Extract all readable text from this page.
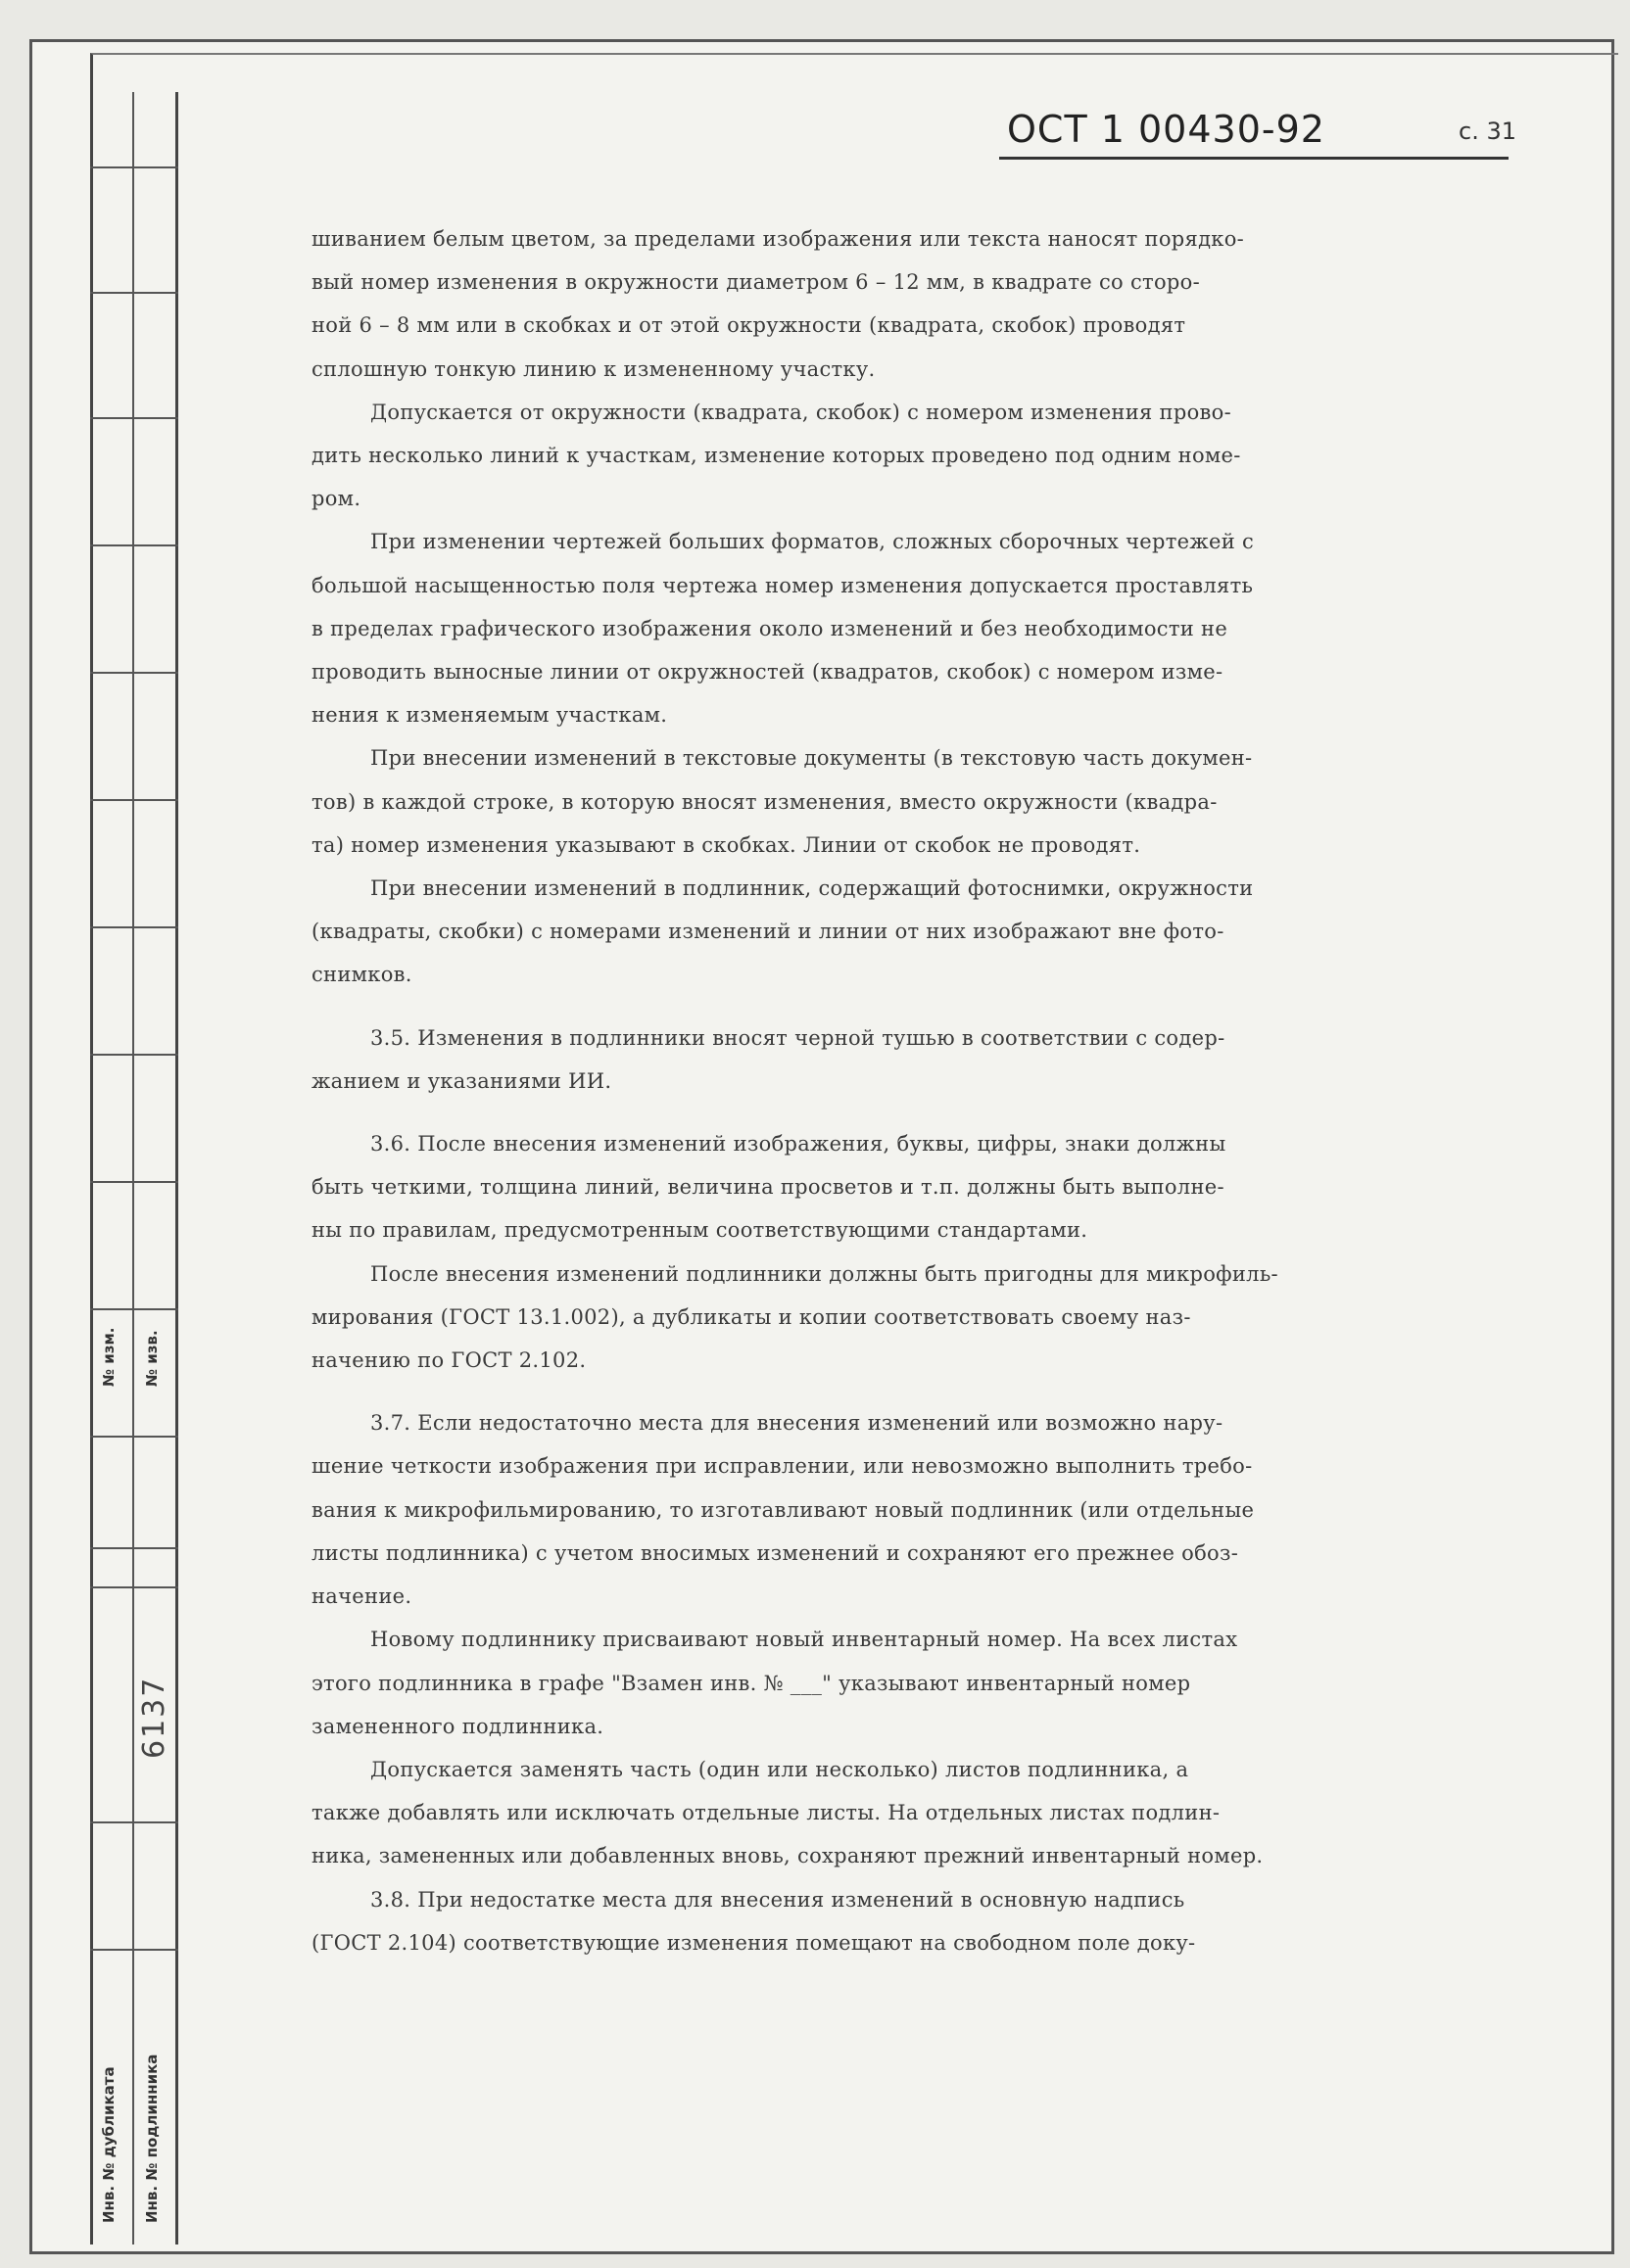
№ изм. № изв.
Инв. № дубликата Инв. № подлинника
6137
ОСТ 1 00430-92	с. 31
шиванием белым цветом, за пределами изображения или текста наносят порядко-
вый номер изменения в окружности диаметром 6 – 12 мм, в квадрате со сторо-
ной 6 – 8 мм или в скобках и от этой окружности (квадрата, скобок) проводят
сплошную тонкую линию к измененному участку.
Допускается от окружности (квадрата, скобок) с номером изменения прово-
дить несколько линий к участкам, изменение которых проведено под одним номе-
ром.
При изменении чертежей больших форматов, сложных сборочных чертежей с
большой насыщенностью поля чертежа номер изменения допускается проставлять
в пределах графического изображения около изменений и без необходимости не
проводить выносные линии от окружностей (квадратов, скобок) с номером изме-
нения к изменяемым участкам.
При внесении изменений в текстовые документы (в текстовую часть докумен-
тов) в каждой строке, в которую вносят изменения, вместо окружности (квадра-
та) номер изменения указывают в скобках. Линии от скобок не проводят.
При внесении изменений в подлинник, содержащий фотоснимки, окружности
(квадраты, скобки) с номерами изменений и линии от них изображают вне фото-
снимков.
3.5. Изменения в подлинники вносят черной тушью в соответствии с содер-
жанием и указаниями ИИ.
3.6. После внесения изменений изображения, буквы, цифры, знаки должны
быть четкими, толщина линий, величина просветов и т.п. должны быть выполне-
ны по правилам, предусмотренным соответствующими стандартами.
После внесения изменений подлинники должны быть пригодны для микрофиль-
мирования (ГОСТ 13.1.002), а дубликаты и копии соответствовать своему наз-
начению по ГОСТ 2.102.
3.7. Если недостаточно места для внесения изменений или возможно нару-
шение четкости изображения при исправлении, или невозможно выполнить требо-
вания к микрофильмированию, то изготавливают новый подлинник (или отдельные
листы подлинника) с учетом вносимых изменений и сохраняют его прежнее обоз-
начение.
Новому подлиннику присваивают новый инвентарный номер. На всех листах
этого подлинника в графе "Взамен инв. № ___" указывают инвентарный номер
замененного подлинника.
Допускается заменять часть (один или несколько) листов подлинника, а
также добавлять или исключать отдельные листы. На отдельных листах подлин-
ника, замененных или добавленных вновь, сохраняют прежний инвентарный номер.
3.8. При недостатке места для внесения изменений в основную надпись
(ГОСТ 2.104) соответствующие изменения помещают на свободном поле доку-
